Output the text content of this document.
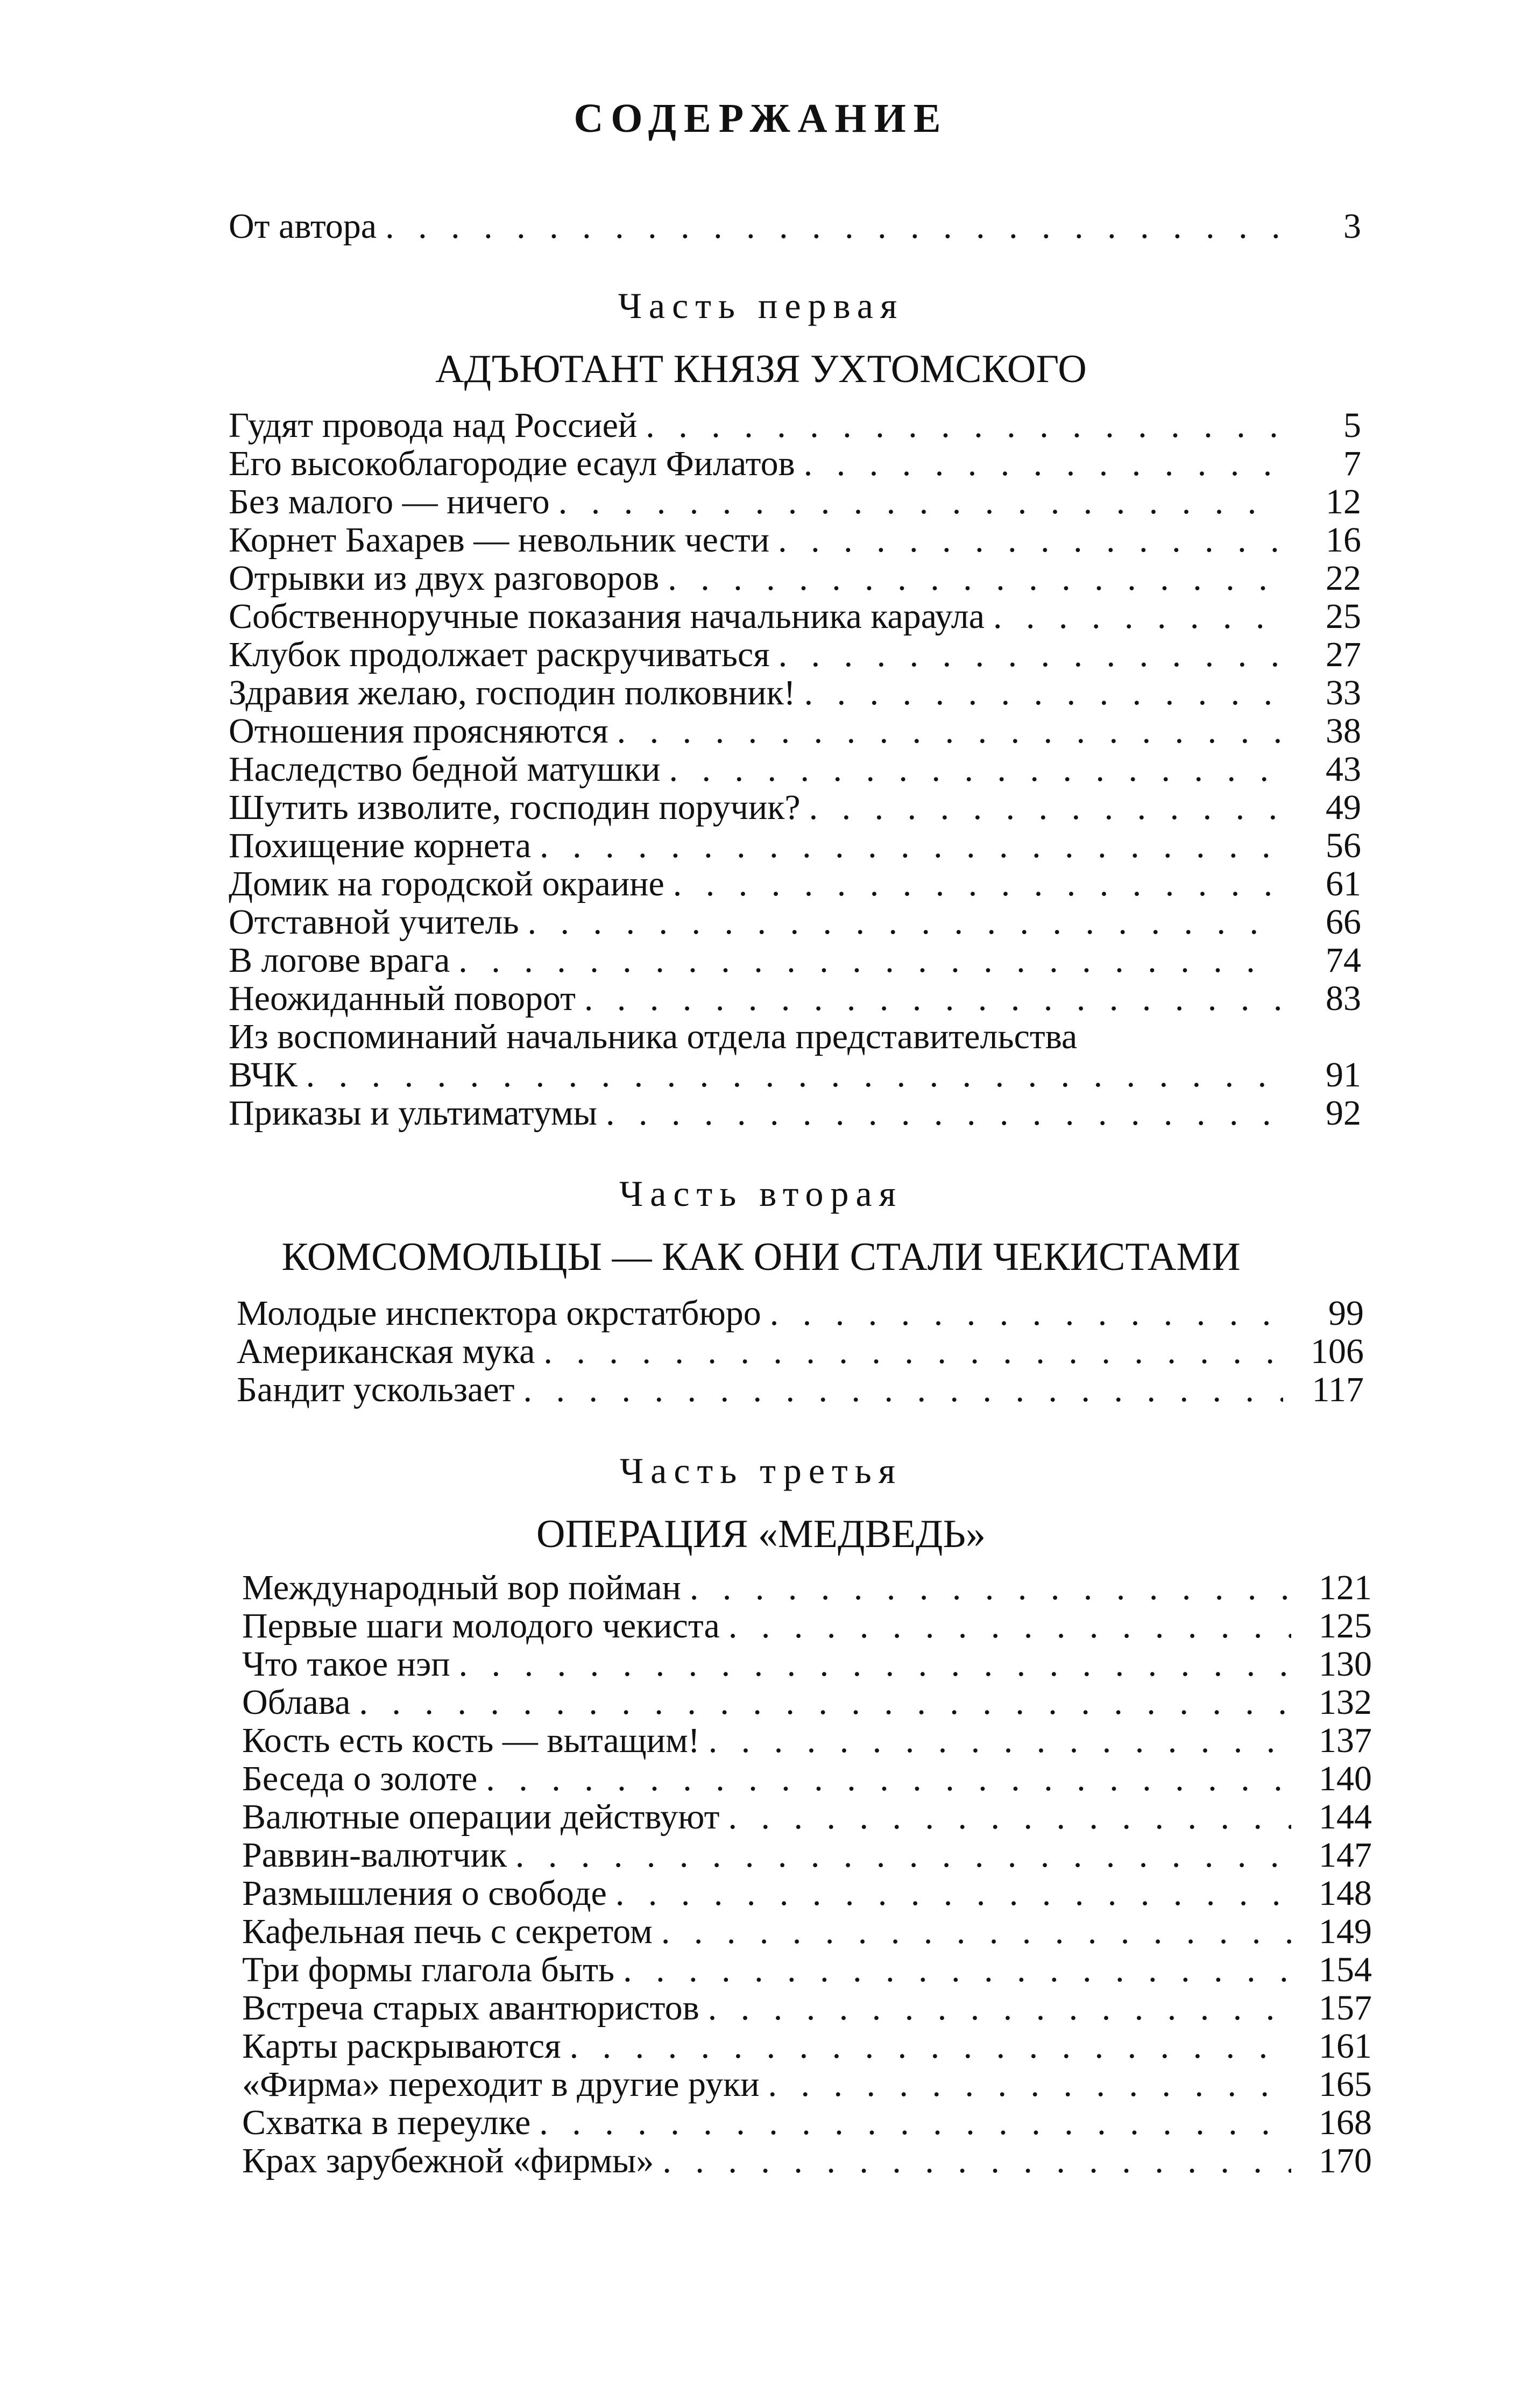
СОДЕРЖАНИЕ
От автора . . .	3

Часть первая

АДЪЮТАНТ КНЯЗЯ УХТОМСКОГО

Гудят провода над Россией . . .	5
Его высокоблагородие есаул Филатов . . .	7
Без малого — ничего . . .	12
Корнет Бахарев — невольник чести . . .	16
Отрывки из двух разговоров . . .	22
Собственноручные показания начальника караула . . .	25
Клубок продолжает раскручиваться . . .	27
Здравия желаю, господин полковник! . . .	33
Отношения проясняются . . .	38
Наследство бедной матушки . . .	43
Шутить изволите, господин поручик? . . .	49
Похищение корнета . . .	56
Домик на городской окраине . . .	61
Отставной учитель . . .	66
В логове врага . . .	74
Неожиданный поворот . . .	83
Из воспоминаний начальника отдела представительства
ВЧК . . .	91
Приказы и ультиматумы . . .	92

Часть вторая

КОМСОМОЛЬЦЫ — КАК ОНИ СТАЛИ ЧЕКИСТАМИ

Молодые инспектора окрстатбюро . . .	99
Американская мука . . .	106
Бандит ускользает . . .	117

Часть третья

ОПЕРАЦИЯ «МЕДВЕДЬ»

Международный вор пойман . . .	121
Первые шаги молодого чекиста . . .	125
Что такое нэп . . .	130
Облава . . .	132
Кость есть кость — вытащим! . . .	137
Беседа о золоте . . .	140
Валютные операции действуют . . .	144
Раввин-валютчик . . .	147
Размышления о свободе . . .	148
Кафельная печь с секретом . . .	149
Три формы глагола быть . . .	154
Встреча старых авантюристов . . .	157
Карты раскрываются . . .	161
«Фирма» переходит в другие руки . . .	165
Схватка в переулке . . .	168
Крах зарубежной «фирмы» . . .	170
